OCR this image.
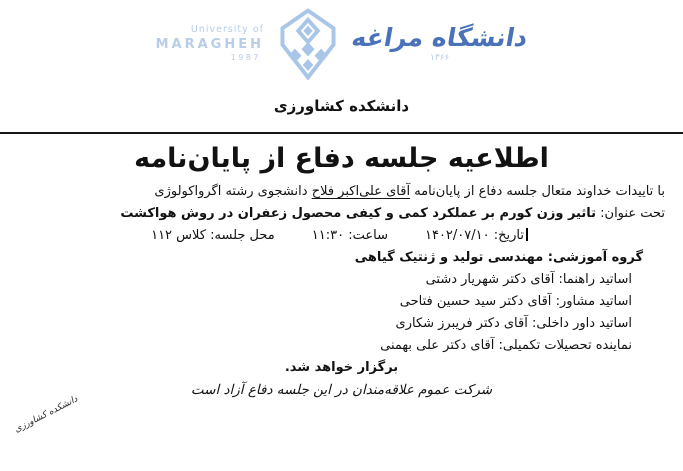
University of
MARAGHEH
1987
دانشگاه مراغه
۱۳۶۶
دانشکده کشاورزی
اطلاعیه جلسه دفاع از پایان‌نامه

با تاییدات خداوند متعال جلسه دفاع از پایان‌نامه آقای علی‌اکبر فلاح دانشجوی رشته اگرواکولوژی

تحت عنوان: تاثیر وزن کورم بر عملکرد کمی و کیفی محصول زعفران در روش هواکشت

تاریخ: ۱۴۰۲/۰۷/۱۰ساعت: ۱۱:۳۰محل جلسه: کلاس ۱۱۲

گروه آموزشی: مهندسی تولید و ژنتیک گیاهی

اساتید راهنما: آقای دکتر شهریار دشتی

اساتید مشاور: آقای دکتر سید حسین فتاحی

اساتید داور داخلی: آقای دکتر فریبرز شکاری

نماینده تحصیلات تکمیلی: آقای دکتر علی بهمنی

برگزار خواهد شد.

شرکت عموم علاقه‌مندان در این جلسه دفاع آزاد است

دانشکده کشاورزی
